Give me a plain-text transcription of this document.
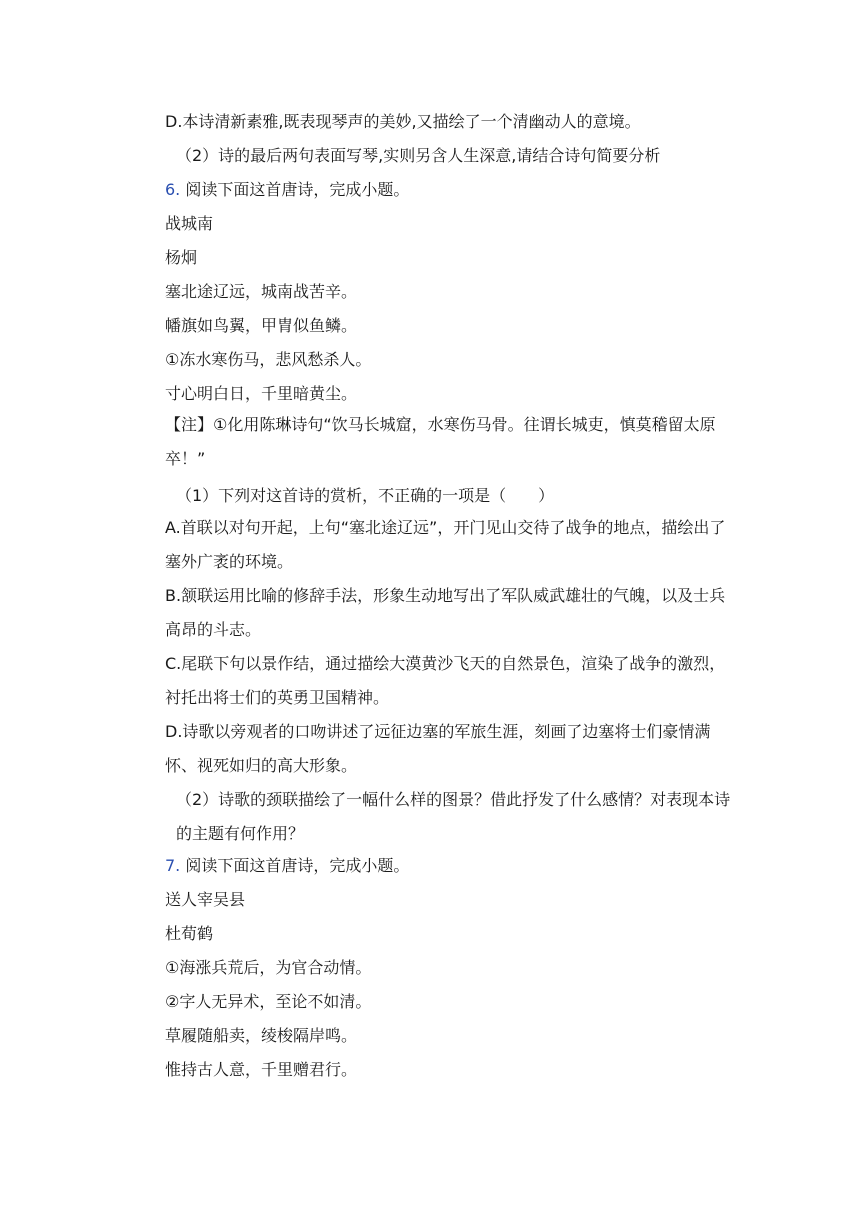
D.本诗清新素雅,既表现琴声的美妙,又描绘了一个清幽动人的意境。
（2）诗的最后两句表面写琴,实则另含人生深意,请结合诗句简要分析
6. 阅读下面这首唐诗，完成小题。
战城南
杨炯
塞北途辽远，城南战苦辛。
幡旗如鸟翼，甲胄似鱼鳞。
①冻水寒伤马，悲风愁杀人。
寸心明白日，千里暗黄尘。
【注】①化用陈琳诗句“饮马长城窟，水寒伤马骨。往谓长城吏，慎莫稽留太原卒！”
（1）下列对这首诗的赏析，不正确的一项是（　　）
A.首联以对句开起，上句“塞北途辽远”，开门见山交待了战争的地点，描绘出了塞外广袤的环境。
B.颔联运用比喻的修辞手法，形象生动地写出了军队威武雄壮的气魄，以及士兵高昂的斗志。
C.尾联下句以景作结，通过描绘大漠黄沙飞天的自然景色，渲染了战争的激烈，衬托出将士们的英勇卫国精神。
D.诗歌以旁观者的口吻讲述了远征边塞的军旅生涯，刻画了边塞将士们豪情满怀、视死如归的高大形象。
（2）诗歌的颈联描绘了一幅什么样的图景？借此抒发了什么感情？对表现本诗的主题有何作用？
7. 阅读下面这首唐诗，完成小题。
送人宰吴县
杜荀鹤
①海涨兵荒后，为官合动情。
②字人无异术，至论不如清。
草履随船卖，绫梭隔岸鸣。
惟持古人意，千里赠君行。
